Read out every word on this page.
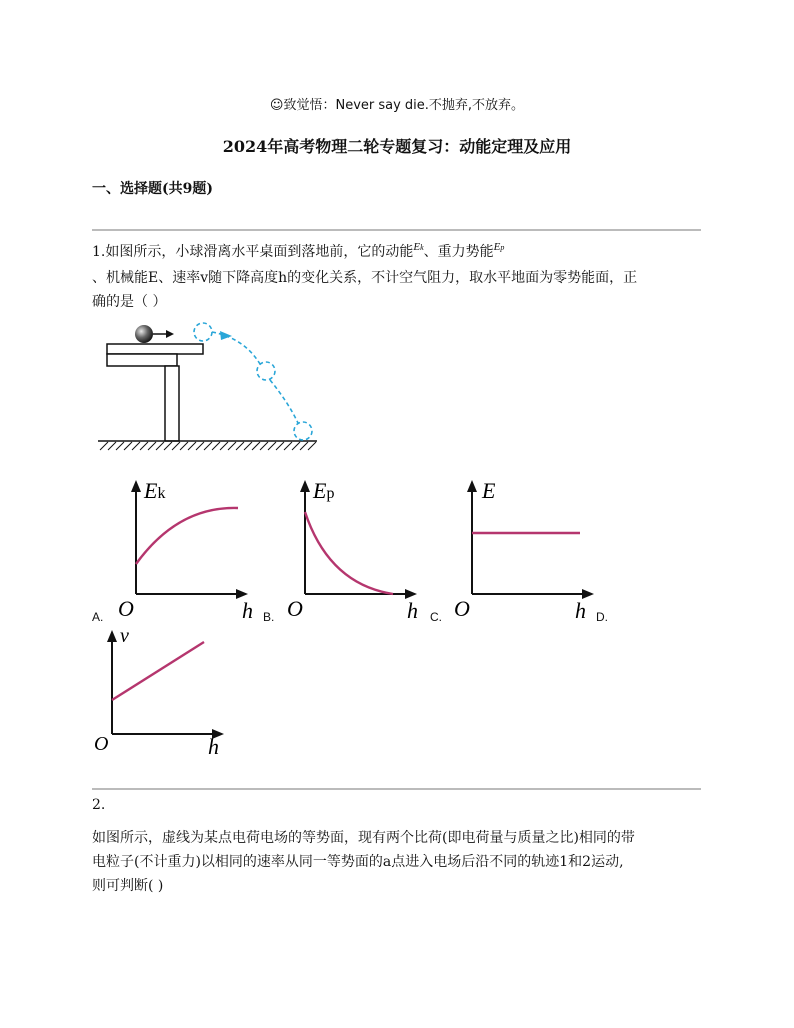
☺致觉悟：Never say die.不抛弃,不放弃。
2024年高考物理二轮专题复习：动能定理及应用
一、选择题(共9题)
1.如图所示，小球滑离水平桌面到落地前，它的动能$^{Ek}$、重力势能$^{Ep}$
、机械能E、速率v随下降高度h的变化关系，不计空气阻力，取水平地面为零势能面，正
确的是（ ）
Ek
O	h
A.
Ep
O	h
B.
E
O	h
C.	D.
v
O	h
2.
如图所示，虚线为某点电荷电场的等势面，现有两个比荷(即电荷量与质量之比)相同的带
电粒子(不计重力)以相同的速率从同一等势面的a点进入电场后沿不同的轨迹1和2运动,
则可判断( )
